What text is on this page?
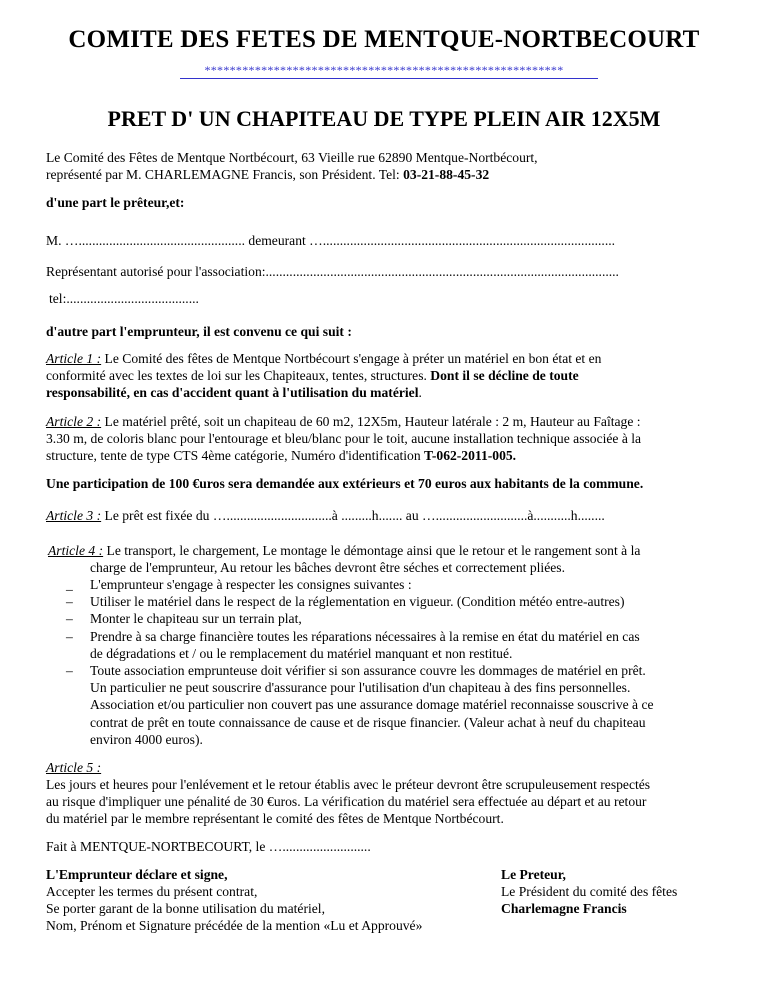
COMITE DES FETES DE MENTQUE-NORTBECOURT
*********************************************************
PRET D' UN CHAPITEAU DE TYPE PLEIN AIR 12X5M
Le Comité des Fêtes de Mentque Nortbécourt, 63 Vieille rue 62890 Mentque-Nortbécourt,
représenté par M. CHARLEMAGNE Francis, son Président. Tel: 03-21-88-45-32
d'une part le prêteur,et:
M. …................................................. demeurant …......................................................................................
Représentant autorisé pour l'association:........................................................................................................
tel:.......................................
d'autre part l'emprunteur, il est convenu ce qui suit :
Article 1 : Le Comité des fêtes de Mentque Nortbécourt s'engage à préter un matériel en bon état et en
conformité avec les textes de loi sur les Chapiteaux, tentes, structures. Dont il se décline de toute
responsabilité, en cas d'accident quant à l'utilisation du matériel.
Article 2 : Le matériel prêté, soit un chapiteau de 60 m2, 12X5m, Hauteur latérale : 2 m, Hauteur au Faîtage :
3.30 m, de coloris blanc pour l'entourage et bleu/blanc pour le toit, aucune installation technique associée à la
structure, tente de type CTS 4ème catégorie, Numéro d'identification T-062-2011-005.
Une participation de 100 €uros sera demandée aux extérieurs et 70 euros aux habitants de la commune.
Article 3 : Le prêt est fixée du …...............................à .........h....... au …...........................à...........h........
Article 4 : Le transport, le chargement, Le montage le démontage ainsi que le retour et le rangement sont à la
charge de l'emprunteur, Au retour les bâches devront être séches et correctement pliées.
_ L'emprunteur s'engage à respecter les consignes suivantes :
– Utiliser le matériel dans le respect de la réglementation en vigueur. (Condition météo entre-autres)
– Monter le chapiteau sur un terrain plat,
– Prendre à sa charge financière toutes les réparations nécessaires à la remise en état du matériel en cas
de dégradations et / ou le remplacement du matériel manquant et non restitué.
– Toute association emprunteuse doit vérifier si son assurance couvre les dommages de matériel en prêt.
Un particulier ne peut souscrire d'assurance pour l'utilisation d'un chapiteau à des fins personnelles.
Association et/ou particulier non couvert pas une assurance domage matériel reconnaisse souscrive à ce
contrat de prêt en toute connaissance de cause et de risque financier. (Valeur achat à neuf du chapiteau
environ 4000 euros).
Article 5 :
Les jours et heures pour l'enlévement et le retour établis avec le préteur devront être scrupuleusement respectés
au risque d'impliquer une pénalité de 30 €uros. La vérification du matériel sera effectuée au départ et au retour
du matériel par le membre représentant le comité des fêtes de Mentque Nortbécourt.
Fait à MENTQUE-NORTBECOURT, le …..........................
L'Emprunteur déclare et signe,
Accepter les termes du présent contrat,
Se porter garant de la bonne utilisation du matériel,
Nom, Prénom et Signature précédée de la mention «Lu et Approuvé»
Le Preteur,
Le Président du comité des fêtes
Charlemagne Francis
